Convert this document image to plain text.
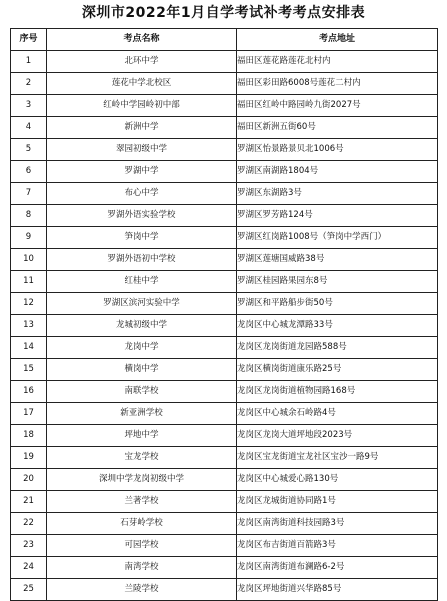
深圳市2022年1月自学考试补考考点安排表
序号	考点名称	考点地址
1	北环中学	福田区莲花路莲花北村内
2	莲花中学北校区	福田区彩田路6008号莲花二村内
3	红岭中学园岭初中部	福田区红岭中路园岭九街2027号
4	新洲中学	福田区新洲五街60号
5	翠园初级中学	罗湖区怡景路景贝北1006号
6	罗湖中学	罗湖区南湖路1804号
7	布心中学	罗湖区东湖路3号
8	罗湖外语实验学校	罗湖区罗芳路124号
9	笋岗中学	罗湖区红岗路1008号（笋岗中学西门）
10	罗湖外语初中学校	罗湖区莲塘国威路38号
11	红桂中学	罗湖区桂园路果园东8号
12	罗湖区滨河实验中学	罗湖区和平路船步街50号
13	龙城初级中学	龙岗区中心城龙潭路33号
14	龙岗中学	龙岗区龙岗街道龙园路588号
15	横岗中学	龙岗区横岗街道康乐路25号
16	南联学校	龙岗区龙岗街道植物园路168号
17	新亚洲学校	龙岗区中心城余石岭路4号
18	坪地中学	龙岗区龙岗大道坪地段2023号
19	宝龙学校	龙岗区宝龙街道宝龙社区宝沙一路9号
20	深圳中学龙岗初级中学	龙岗区中心城爱心路130号
21	兰著学校	龙岗区龙城街道协同路1号
22	石芽岭学校	龙岗区南湾街道科技园路3号
23	可园学校	龙岗区布吉街道百箭路3号
24	南湾学校	龙岗区南湾街道布澜路6-2号
25	兰陵学校	龙岗区坪地街道兴华路85号
